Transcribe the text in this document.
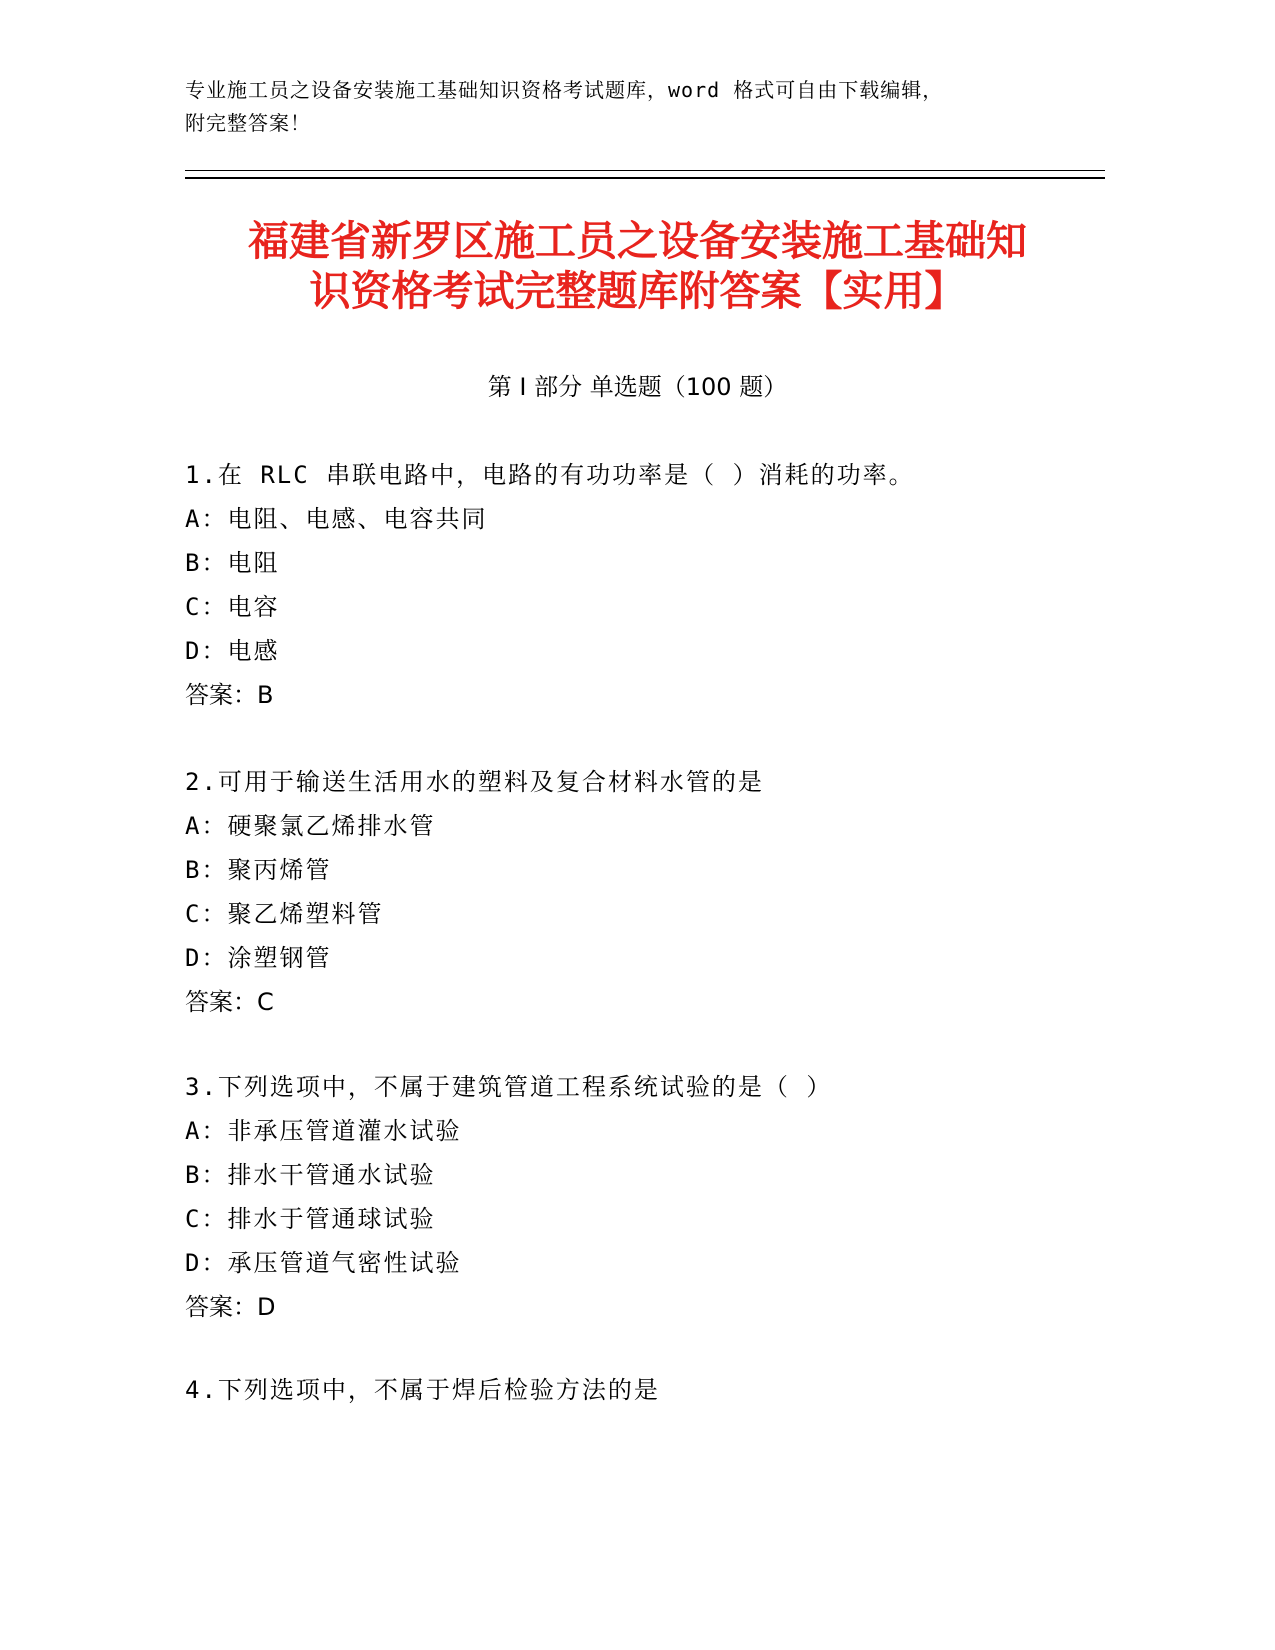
专业施工员之设备安装施工基础知识资格考试题库，word 格式可自由下载编辑，
附完整答案！
福建省新罗区施工员之设备安装施工基础知
识资格考试完整题库附答案【实用】
第 I 部分 单选题（100 题）
1.在 RLC 串联电路中，电路的有功功率是（ ）消耗的功率。
A：电阻、电感、电容共同
B：电阻
C：电容
D：电感
答案：B
2.可用于输送生活用水的塑料及复合材料水管的是
A：硬聚氯乙烯排水管
B：聚丙烯管
C：聚乙烯塑料管
D：涂塑钢管
答案：C
3.下列选项中，不属于建筑管道工程系统试验的是（ ）
A：非承压管道灌水试验
B：排水干管通水试验
C：排水于管通球试验
D：承压管道气密性试验
答案：D
4.下列选项中，不属于焊后检验方法的是
